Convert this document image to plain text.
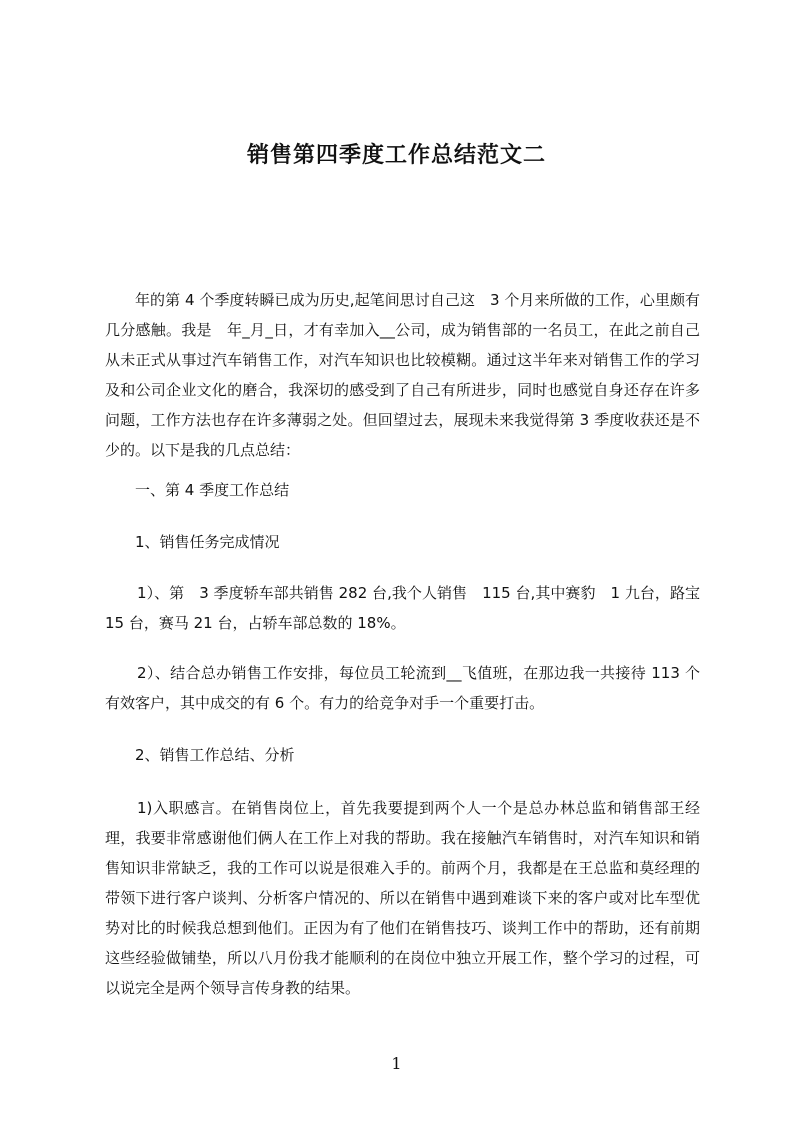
销售第四季度工作总结范文二
年的第 4 个季度转瞬已成为历史,起笔间思讨自己这　3 个月来所做的工作，心里颇有几分感触。我是　年_月_日，才有幸加入__公司，成为销售部的一名员工，在此之前自己从未正式从事过汽车销售工作，对汽车知识也比较模糊。通过这半年来对销售工作的学习及和公司企业文化的磨合，我深切的感受到了自己有所进步，同时也感觉自身还存在许多问题，工作方法也存在许多薄弱之处。但回望过去，展现未来我觉得第 3 季度收获还是不少的。以下是我的几点总结：
一、第 4 季度工作总结
1、销售任务完成情况
1）、第　3 季度轿车部共销售 282 台,我个人销售　115 台,其中赛豹　1 九台，路宝 15 台，赛马 21 台，占轿车部总数的 18%。
2）、结合总办销售工作安排，每位员工轮流到__飞值班，在那边我一共接待 113 个有效客户，其中成交的有 6 个。有力的给竞争对手一个重要打击。
2、销售工作总结、分析
1)入职感言。在销售岗位上，首先我要提到两个人一个是总办林总监和销售部王经理，我要非常感谢他们俩人在工作上对我的帮助。我在接触汽车销售时，对汽车知识和销售知识非常缺乏，我的工作可以说是很难入手的。前两个月，我都是在王总监和莫经理的带领下进行客户谈判、分析客户情况的、所以在销售中遇到难谈下来的客户或对比车型优势对比的时候我总想到他们。正因为有了他们在销售技巧、谈判工作中的帮助，还有前期这些经验做铺垫，所以八月份我才能顺利的在岗位中独立开展工作，整个学习的过程，可以说完全是两个领导言传身教的结果。
1
